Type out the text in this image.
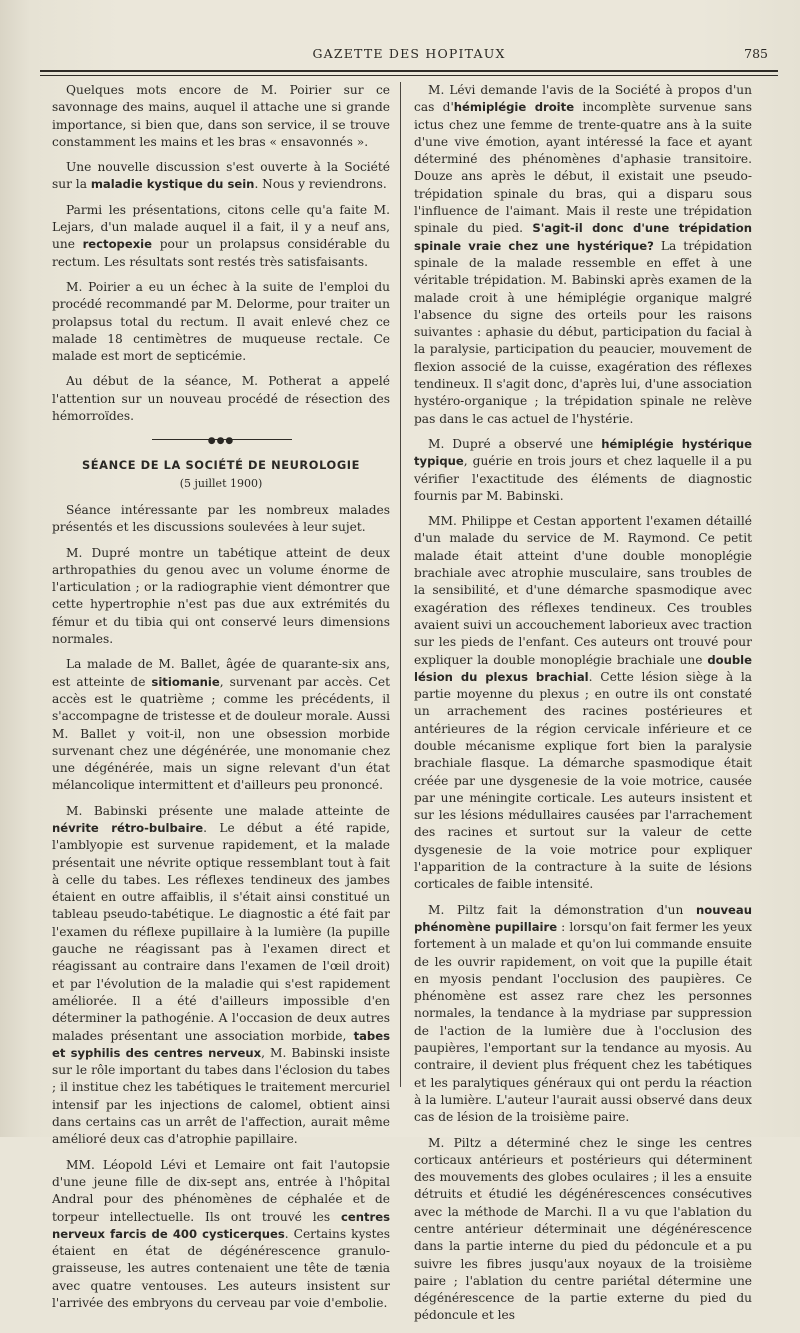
GAZETTE DES HOPITAUX	785

Quelques mots encore de M. Poirier sur ce savonnage des mains, auquel il attache une si grande importance, si bien que, dans son service, il se trouve constamment les mains et les bras « ensavonnés ».

Une nouvelle discussion s'est ouverte à la Société sur la maladie kystique du sein. Nous y reviendrons.

Parmi les présentations, citons celle qu'a faite M. Lejars, d'un malade auquel il a fait, il y a neuf ans, une rectopexie pour un prolapsus considérable du rectum. Les résultats sont restés très satisfaisants.

M. Poirier a eu un échec à la suite de l'emploi du procédé recommandé par M. Delorme, pour traiter un prolapsus total du rectum. Il avait enlevé chez ce malade 18 centimètres de muqueuse rectale. Ce malade est mort de septicémie.

Au début de la séance, M. Potherat a appelé l'attention sur un nouveau procédé de résection des hémorroïdes.

●●●
SÉANCE DE LA SOCIÉTÉ DE NEUROLOGIE
(5 juillet 1900)

Séance intéressante par les nombreux malades présentés et les discussions soulevées à leur sujet.

M. Dupré montre un tabétique atteint de deux arthropathies du genou avec un volume énorme de l'articulation ; or la radiographie vient démontrer que cette hypertrophie n'est pas due aux extrémités du fémur et du tibia qui ont conservé leurs dimensions normales.

La malade de M. Ballet, âgée de quarante-six ans, est atteinte de sitiomanie, survenant par accès. Cet accès est le quatrième ; comme les précédents, il s'accompagne de tristesse et de douleur morale. Aussi M. Ballet y voit-il, non une obsession morbide survenant chez une dégénérée, une monomanie chez une dégénérée, mais un signe relevant d'un état mélancolique intermittent et d'ailleurs peu prononcé.

M. Babinski présente une malade atteinte de névrite rétro-bulbaire. Le début a été rapide, l'amblyopie est survenue rapidement, et la malade présentait une névrite optique ressemblant tout à fait à celle du tabes. Les réflexes tendineux des jambes étaient en outre affaiblis, il s'était ainsi constitué un tableau pseudo-tabétique. Le diagnostic a été fait par l'examen du réflexe pupillaire à la lumière (la pupille gauche ne réagissant pas à l'examen direct et réagissant au contraire dans l'examen de l'œil droit) et par l'évolution de la maladie qui s'est rapidement améliorée. Il a été d'ailleurs impossible d'en déterminer la pathogénie. A l'occasion de deux autres malades présentant une association morbide, tabes et syphilis des centres nerveux, M. Babinski insiste sur le rôle important du tabes dans l'éclosion du tabes ; il institue chez les tabétiques le traitement mercuriel intensif par les injections de calomel, obtient ainsi dans certains cas un arrêt de l'affection, aurait même amélioré deux cas d'atrophie papillaire.

MM. Léopold Lévi et Lemaire ont fait l'autopsie d'une jeune fille de dix-sept ans, entrée à l'hôpital Andral pour des phénomènes de céphalée et de torpeur intellectuelle. Ils ont trouvé les centres nerveux farcis de 400 cysticerques. Certains kystes étaient en état de dégénérescence granulo-graisseuse, les autres contenaient une tête de tænia avec quatre ventouses. Les auteurs insistent sur l'arrivée des embryons du cerveau par voie d'embolie.

M. Lévi demande l'avis de la Société à propos d'un cas d'hémiplégie droite incomplète survenue sans ictus chez une femme de trente-quatre ans à la suite d'une vive émotion, ayant intéressé la face et ayant déterminé des phénomènes d'aphasie transitoire. Douze ans après le début, il existait une pseudo-trépidation spinale du bras, qui a disparu sous l'influence de l'aimant. Mais il reste une trépidation spinale du pied. S'agit-il donc d'une trépidation spinale vraie chez une hystérique? La trépidation spinale de la malade ressemble en effet à une véritable trépidation. M. Babinski après examen de la malade croit à une hémiplégie organique malgré l'absence du signe des orteils pour les raisons suivantes : aphasie du début, participation du facial à la paralysie, participation du peaucier, mouvement de flexion associé de la cuisse, exagération des réflexes tendineux. Il s'agit donc, d'après lui, d'une association hystéro-organique ; la trépidation spinale ne relève pas dans le cas actuel de l'hystérie.

M. Dupré a observé une hémiplégie hystérique typique, guérie en trois jours et chez laquelle il a pu vérifier l'exactitude des éléments de diagnostic fournis par M. Babinski.

MM. Philippe et Cestan apportent l'examen détaillé d'un malade du service de M. Raymond. Ce petit malade était atteint d'une double monoplégie brachiale avec atrophie musculaire, sans troubles de la sensibilité, et d'une démarche spasmodique avec exagération des réflexes tendineux. Ces troubles avaient suivi un accouchement laborieux avec traction sur les pieds de l'enfant. Ces auteurs ont trouvé pour expliquer la double monoplégie brachiale une double lésion du plexus brachial. Cette lésion siège à la partie moyenne du plexus ; en outre ils ont constaté un arrachement des racines postérieures et antérieures de la région cervicale inférieure et ce double mécanisme explique fort bien la paralysie brachiale flasque. La démarche spasmodique était créée par une dysgenesie de la voie motrice, causée par une méningite corticale. Les auteurs insistent et sur les lésions médullaires causées par l'arrachement des racines et surtout sur la valeur de cette dysgenesie de la voie motrice pour expliquer l'apparition de la contracture à la suite de lésions corticales de faible intensité.

M. Piltz fait la démonstration d'un nouveau phénomène pupillaire : lorsqu'on fait fermer les yeux fortement à un malade et qu'on lui commande ensuite de les ouvrir rapidement, on voit que la pupille était en myosis pendant l'occlusion des paupières. Ce phénomène est assez rare chez les personnes normales, la tendance à la mydriase par suppression de l'action de la lumière due à l'occlusion des paupières, l'emportant sur la tendance au myosis. Au contraire, il devient plus fréquent chez les tabétiques et les paralytiques généraux qui ont perdu la réaction à la lumière. L'auteur l'aurait aussi observé dans deux cas de lésion de la troisième paire.

M. Piltz a déterminé chez le singe les centres corticaux antérieurs et postérieurs qui déterminent des mouvements des globes oculaires ; il les a ensuite détruits et étudié les dégénérescences consécutives avec la méthode de Marchi. Il a vu que l'ablation du centre antérieur déterminait une dégénérescence dans la partie interne du pied du pédoncule et a pu suivre les fibres jusqu'aux noyaux de la troisième paire ; l'ablation du centre pariétal détermine une dégénérescence de la partie externe du pied du pédoncule et les
